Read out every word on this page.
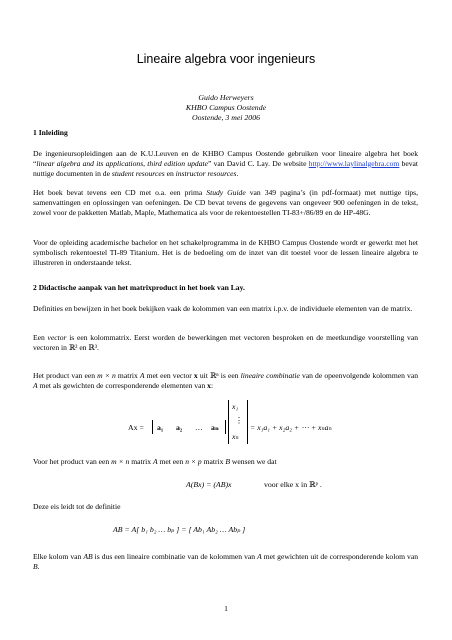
Lineaire algebra voor ingenieurs
Guido Herweyers
KHBO Campus Oostende
Oostende, 3 mei 2006
1 Inleiding

De ingenieursopleidingen aan de K.U.Leuven en de KHBO Campus Oostende gebruiken voor lineaire algebra het boek “linear algebra and its applications, third edition update” van David C. Lay. De website http://www.laylinalgebra.com bevat nuttige documenten in de student resources en instructor resources.

Het boek bevat tevens een CD met o.a. een prima Study Guide van 349 pagina’s (in pdf-formaat) met nuttige tips, samenvattingen en oplossingen van oefeningen. De CD bevat tevens de gegevens van ongeveer 900 oefeningen in de tekst, zowel voor de pakketten Matlab, Maple, Mathematica als voor de rekentoestellen TI-83+/86/89 en de HP-48G.

Voor de opleiding academische bachelor en het schakelprogramma in de KHBO Campus Oostende wordt er gewerkt met het symbolisch rekentoestel TI-89 Titanium. Het is de bedoeling om de inzet van dit toestel voor de lessen lineaire algebra te illustreren in onderstaande tekst.

2 Didactische aanpak van het matrixproduct in het boek van Lay.

Definities en bewijzen in het boek bekijken vaak de kolommen van een matrix i.p.v. de individuele elementen van de matrix.

Een vector is een kolommatrix. Eerst worden de bewerkingen met vectoren besproken en de meetkundige voorstelling van vectoren in ℝ² en ℝ³.

Het product van een m × n matrix A met een vector x uit ℝⁿ is een lineaire combinatie van de opeenvolgende kolommen van A met als gewichten de corresponderende elementen van x:

Ax = a₁ a₂ … aₙ
x₁
⋮
xₙ
= x₁a₁ + x₂a₂ + ⋯ + xₙaₙ

Voor het product van een m × n matrix A met een n × p matrix B wensen we dat

A(Bx) = (AB)x	voor elke x in ℝᵖ .

Deze eis leidt tot de definitie

AB = A[ b₁ b₂ … bₚ ] = [ Ab₁ Ab₂ … Abₚ ]

Elke kolom van AB is dus een lineaire combinatie van de kolommen van A met gewichten uit de corresponderende kolom van B.

1
